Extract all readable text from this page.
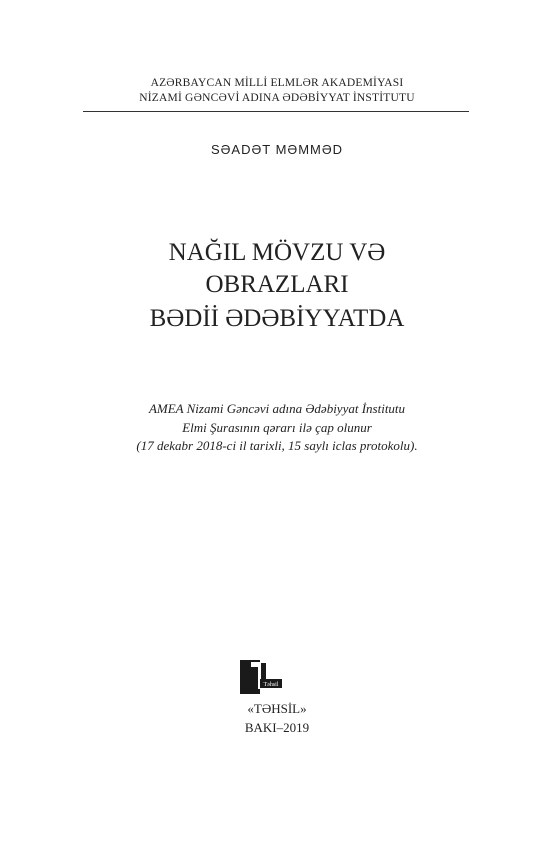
AZƏRBAYCAN MİLLİ ELMLƏR AKADEMİYASI
NİZAMİ GƏNCƏVİ ADINA ƏDƏBİYYAT İNSTİTUTU
SƏADƏT MƏMMƏD
NAĞIL MÖVZU VƏ
OBRAZLARI
BƏDİİ ƏDƏBİYYATDA
AMEA Nizami Gəncəvi adına Ədəbiyyat İnstitutu
Elmi Şurasının qərarı ilə çap olunur
(17 dekabr 2018-ci il tarixli, 15 saylı iclas protokolu).
Təhsil
«TƏHSİL»
BAKI–2019
